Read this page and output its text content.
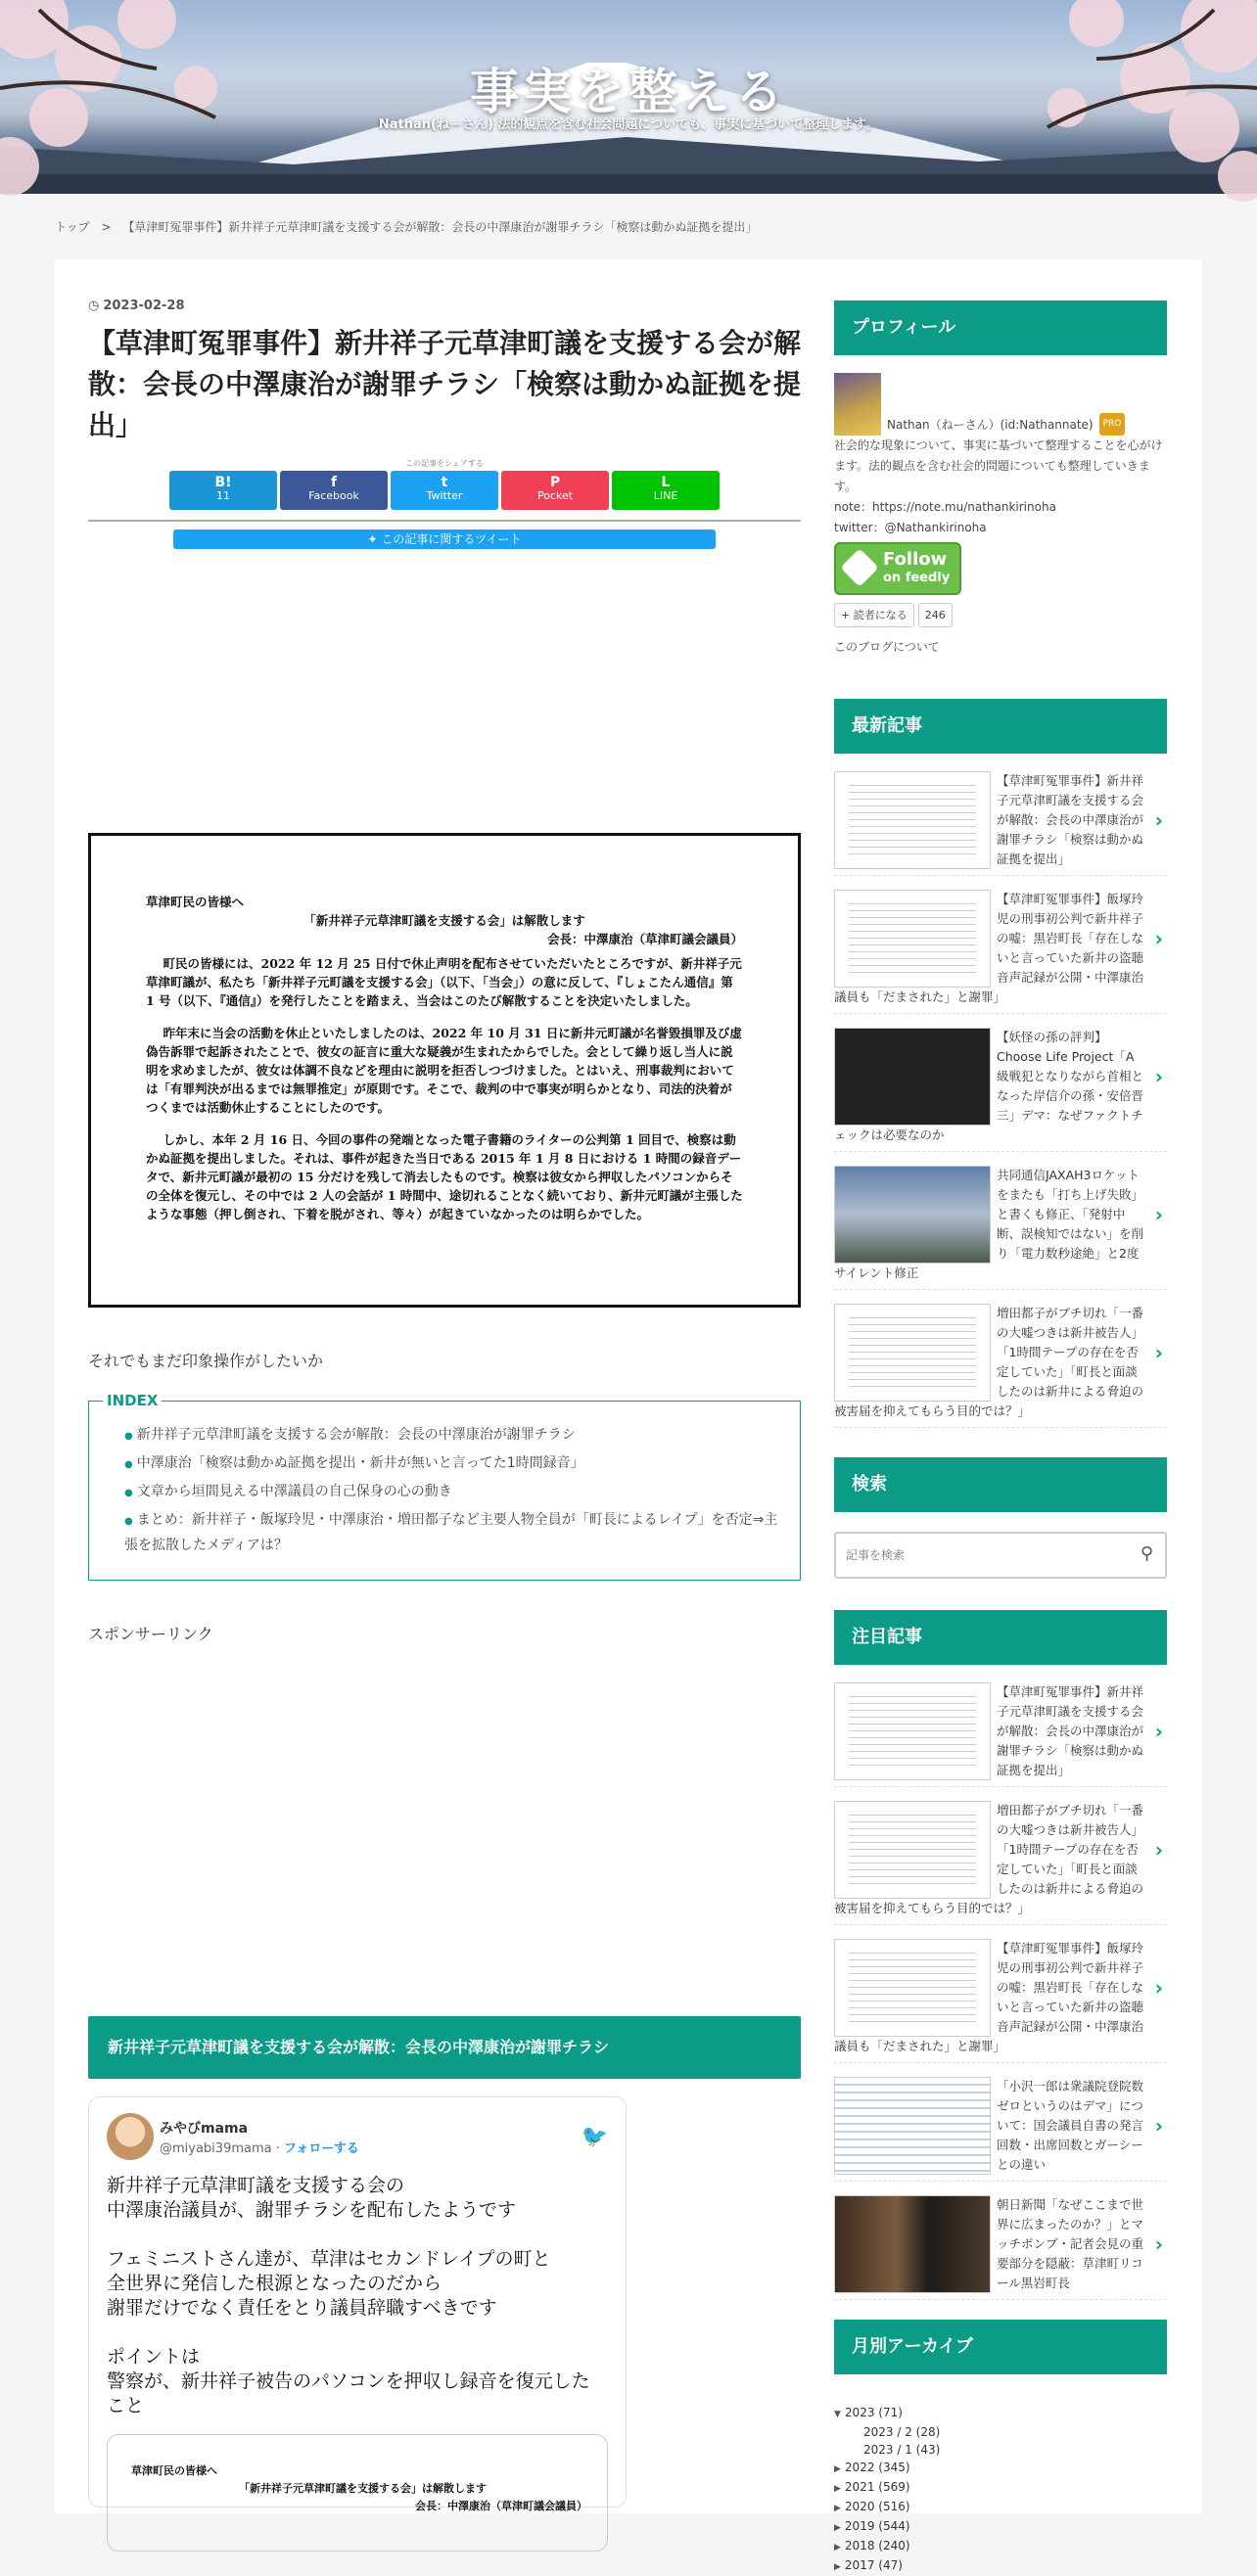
事実を整える
Nathan(ねーさん) 法的観点を含む社会問題についても、事実に基づいて整理します。
トップ > 【草津町冤罪事件】新井祥子元草津町議を支援する会が解散：会長の中澤康治が謝罪チラシ「検察は動かぬ証拠を提出」
◷ 2023-02-28
【草津町冤罪事件】新井祥子元草津町議を支援する会が解散：会長の中澤康治が謝罪チラシ「検察は動かぬ証拠を提出」
この記事をシェアする
B!
11
f
Facebook
t
Twitter
P
Pocket
L
LINE
✦ この記事に関するツイート
草津町民の皆様へ
「新井祥子元草津町議を支援する会」は解散します
会長：中澤康治（草津町議会議員）

町民の皆様には、2022 年 12 月 25 日付で休止声明を配布させていただいたところですが、新井祥子元草津町議が、私たち「新井祥子元町議を支援する会」（以下、「当会」）の意に反して、『しょこたん通信』第 1 号（以下、『通信』）を発行したことを踏まえ、当会はこのたび解散することを決定いたしました。

昨年末に当会の活動を休止といたしましたのは、2022 年 10 月 31 日に新井元町議が名誉毀損罪及び虚偽告訴罪で起訴されたことで、彼女の証言に重大な疑義が生まれたからでした。会として繰り返し当人に説明を求めましたが、彼女は体調不良などを理由に説明を拒否しつづけました。とはいえ、刑事裁判においては「有罪判決が出るまでは無罪推定」が原則です。そこで、裁判の中で事実が明らかとなり、司法的決着がつくまでは活動休止することにしたのです。

しかし、本年 2 月 16 日、今回の事件の発端となった電子書籍のライターの公判第 1 回目で、検察は動かぬ証拠を提出しました。それは、事件が起きた当日である 2015 年 1 月 8 日における 1 時間の録音データで、新井元町議が最初の 15 分だけを残して消去したものです。検察は彼女から押収したパソコンからその全体を復元し、その中では 2 人の会話が 1 時間中、途切れることなく続いており、新井元町議が主張したような事態（押し倒され、下着を脱がされ、等々）が起きていなかったのは明らかでした。

それでもまだ印象操作がしたいか
INDEX
● 新井祥子元草津町議を支援する会が解散：会長の中澤康治が謝罪チラシ
● 中澤康治「検察は動かぬ証拠を提出・新井が無いと言ってた1時間録音」
● 文章から垣間見える中澤議員の自己保身の心の動き
● まとめ：新井祥子・飯塚玲児・中澤康治・増田都子など主要人物全員が「町長によるレイプ」を否定⇒主張を拡散したメディアは？
スポンサーリンク
新井祥子元草津町議を支援する会が解散：会長の中澤康治が謝罪チラシ
みやびmama
@miyabi39mama · フォローする	🐦
新井祥子元草津町議を支援する会の
中澤康治議員が、謝罪チラシを配布したようです

フェミニストさん達が、草津はセカンドレイプの町と
全世界に発信した根源となったのだから
謝罪だけでなく責任をとり議員辞職すべきです

ポイントは
警察が、新井祥子被告のパソコンを押収し録音を復元したこと
草津町民の皆様へ
「新井祥子元草津町議を支援する会」は解散します
会長：中澤康治（草津町議会議員）
プロフィール
Nathan（ねーさん）(id:Nathannate)	PRO
社会的な現象について、事実に基づいて整理することを心がけます。法的観点を含む社会的問題についても整理していきます。
note：https://note.mu/nathankirinoha
twitter：@Nathankirinoha
Follow
on feedly
+ 読者になる	246
このブログについて
最新記事
【草津町冤罪事件】新井祥子元草津町議を支援する会が解散：会長の中澤康治が謝罪チラシ「検察は動かぬ証拠を提出」
›
【草津町冤罪事件】飯塚玲児の刑事初公判で新井祥子の嘘：黒岩町長「存在しないと言っていた新井の盗聴音声記録が公開・中澤康治議員も「だまされた」と謝罪」
›
【妖怪の孫の評判】Choose Life Project「A級戦犯となりながら首相となった岸信介の孫・安倍晋三」デマ：なぜファクトチェックは必要なのか
›
共同通信JAXAH3ロケットをまたも「打ち上げ失敗」と書くも修正、「発射中断、誤検知ではない」を削り「電力数秒途絶」と2度サイレント修正
›
増田都子がブチ切れ「一番の大嘘つきは新井被告人」「1時間テープの存在を否定していた」「町長と面談したのは新井による脅迫の被害届を抑えてもらう目的では？」
›
検索
記事を検索
⚲
注目記事
【草津町冤罪事件】新井祥子元草津町議を支援する会が解散：会長の中澤康治が謝罪チラシ「検察は動かぬ証拠を提出」
›
増田都子がブチ切れ「一番の大嘘つきは新井被告人」「1時間テープの存在を否定していた」「町長と面談したのは新井による脅迫の被害届を抑えてもらう目的では？」
›
【草津町冤罪事件】飯塚玲児の刑事初公判で新井祥子の嘘：黒岩町長「存在しないと言っていた新井の盗聴音声記録が公開・中澤康治議員も「だまされた」と謝罪」
›
「小沢一郎は衆議院登院数ゼロというのはデマ」について：国会議員自書の発言回数・出席回数とガーシーとの違い
›
朝日新聞「なぜここまで世界に広まったのか？」とマッチポンプ・記者会見の重要部分を隠蔽：草津町リコール黒岩町長
›
月別アーカイブ
▼ 2023 (71)
2023 / 2 (28)
2023 / 1 (43)
▶ 2022 (345)
▶ 2021 (569)
▶ 2020 (516)
▶ 2019 (544)
▶ 2018 (240)
▶ 2017 (47)
